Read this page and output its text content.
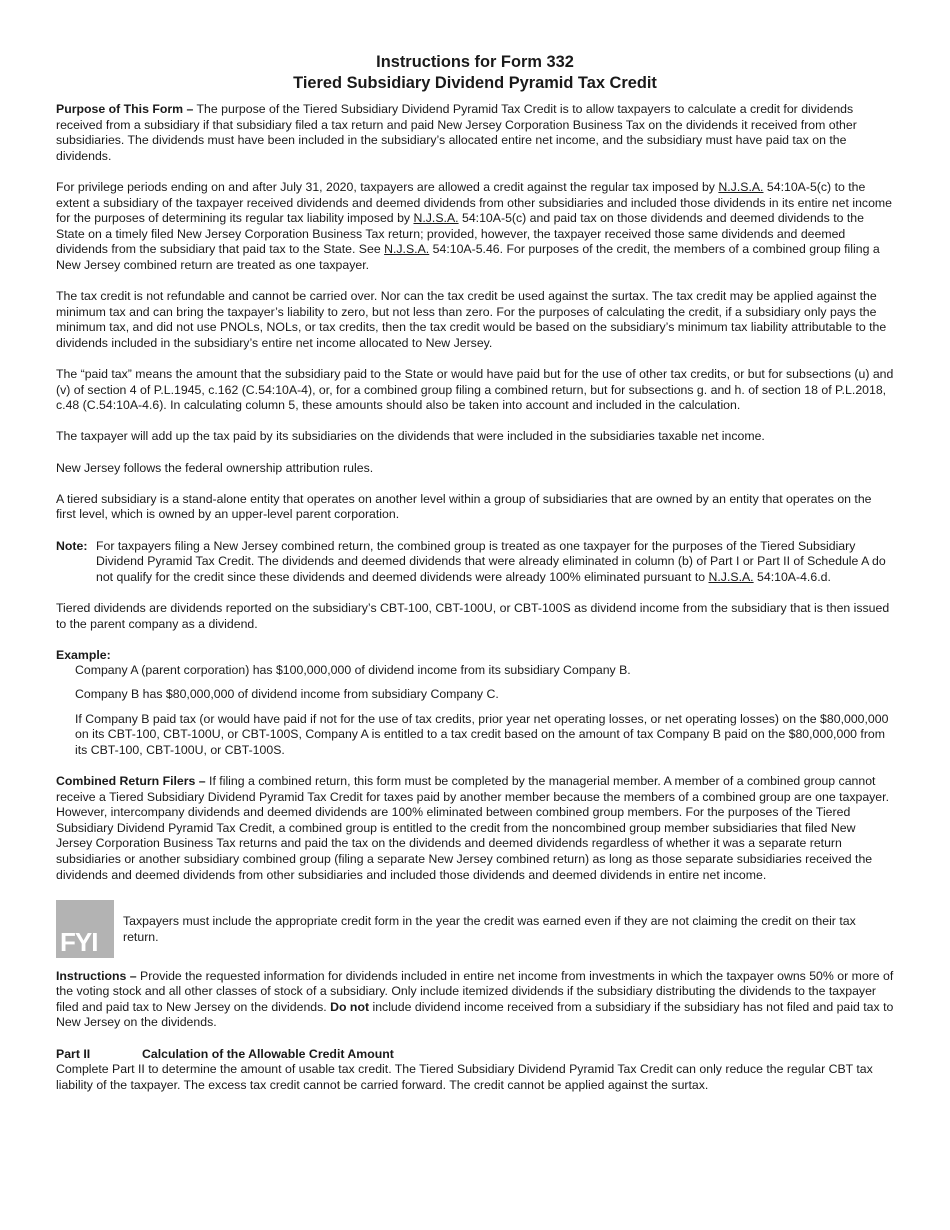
Instructions for Form 332
Tiered Subsidiary Dividend Pyramid Tax Credit

Purpose of This Form – The purpose of the Tiered Subsidiary Dividend Pyramid Tax Credit is to allow taxpayers to calculate a credit for dividends received from a subsidiary if that subsidiary filed a tax return and paid New Jersey Corporation Business Tax on the dividends it received from other subsidiaries. The dividends must have been included in the subsidiary’s allocated entire net income, and the subsidiary must have paid tax on the dividends.

For privilege periods ending on and after July 31, 2020, taxpayers are allowed a credit against the regular tax imposed by N.J.S.A. 54:10A-5(c) to the extent a subsidiary of the taxpayer received dividends and deemed dividends from other subsidiaries and included those dividends in its entire net income for the purposes of determining its regular tax liability imposed by N.J.S.A. 54:10A-5(c) and paid tax on those dividends and deemed dividends to the State on a timely filed New Jersey Corporation Business Tax return; provided, however, the taxpayer received those same dividends and deemed dividends from the subsidiary that paid tax to the State. See N.J.S.A. 54:10A-5.46. For purposes of the credit, the members of a combined group filing a New Jersey combined return are treated as one taxpayer.

The tax credit is not refundable and cannot be carried over. Nor can the tax credit be used against the surtax. The tax credit may be applied against the minimum tax and can bring the taxpayer’s liability to zero, but not less than zero. For the purposes of calculating the credit, if a subsidiary only pays the minimum tax, and did not use PNOLs, NOLs, or tax credits, then the tax credit would be based on the subsidiary’s minimum tax liability attributable to the dividends included in the subsidiary’s entire net income allocated to New Jersey.

The “paid tax” means the amount that the subsidiary paid to the State or would have paid but for the use of other tax credits, or but for subsections (u) and (v) of section 4 of P.L.1945, c.162 (C.54:10A-4), or, for a combined group filing a combined return, but for subsections g. and h. of section 18 of P.L.2018, c.48 (C.54:10A-4.6). In calculating column 5, these amounts should also be taken into account and included in the calculation.

The taxpayer will add up the tax paid by its subsidiaries on the dividends that were included in the subsidiaries taxable net income.

New Jersey follows the federal ownership attribution rules.

A tiered subsidiary is a stand-alone entity that operates on another level within a group of subsidiaries that are owned by an entity that operates on the first level, which is owned by an upper-level parent corporation.

Note: For taxpayers filing a New Jersey combined return, the combined group is treated as one taxpayer for the purposes of the Tiered Subsidiary Dividend Pyramid Tax Credit. The dividends and deemed dividends that were already eliminated in column (b) of Part I or Part II of Schedule A do not qualify for the credit since these dividends and deemed dividends were already 100% eliminated pursuant to N.J.S.A. 54:10A-4.6.d.

Tiered dividends are dividends reported on the subsidiary’s CBT-100, CBT-100U, or CBT-100S as dividend income from the subsidiary that is then issued to the parent company as a dividend.

Example:
Company A (parent corporation) has $100,000,000 of dividend income from its subsidiary Company B.
Company B has $80,000,000 of dividend income from subsidiary Company C.
If Company B paid tax (or would have paid if not for the use of tax credits, prior year net operating losses, or net operating losses) on the $80,000,000 on its CBT-100, CBT-100U, or CBT-100S, Company A is entitled to a tax credit based on the amount of tax Company B paid on the $80,000,000 from its CBT-100, CBT-100U, or CBT-100S.

Combined Return Filers – If filing a combined return, this form must be completed by the managerial member. A member of a combined group cannot receive a Tiered Subsidiary Dividend Pyramid Tax Credit for taxes paid by another member because the members of a combined group are one taxpayer. However, intercompany dividends and deemed dividends are 100% eliminated between combined group members. For the purposes of the Tiered Subsidiary Dividend Pyramid Tax Credit, a combined group is entitled to the credit from the noncombined group member subsidiaries that filed New Jersey Corporation Business Tax returns and paid the tax on the dividends and deemed dividends regardless of whether it was a separate return subsidiaries or another subsidiary combined group (filing a separate New Jersey combined return) as long as those separate subsidiaries received the dividends and deemed dividends from other subsidiaries and included those dividends and deemed dividends in entire net income.

FYI
Taxpayers must include the appropriate credit form in the year the credit was earned even if they are not claiming the credit on their tax return.

Instructions – Provide the requested information for dividends included in entire net income from investments in which the taxpayer owns 50% or more of the voting stock and all other classes of stock of a subsidiary. Only include itemized dividends if the subsidiary distributing the dividends to the taxpayer filed and paid tax to New Jersey on the dividends. Do not include dividend income received from a subsidiary if the subsidiary has not filed and paid tax to New Jersey on the dividends.

Part II	Calculation of the Allowable Credit Amount

Complete Part II to determine the amount of usable tax credit. The Tiered Subsidiary Dividend Pyramid Tax Credit can only reduce the regular CBT tax liability of the taxpayer. The excess tax credit cannot be carried forward. The credit cannot be applied against the surtax.
